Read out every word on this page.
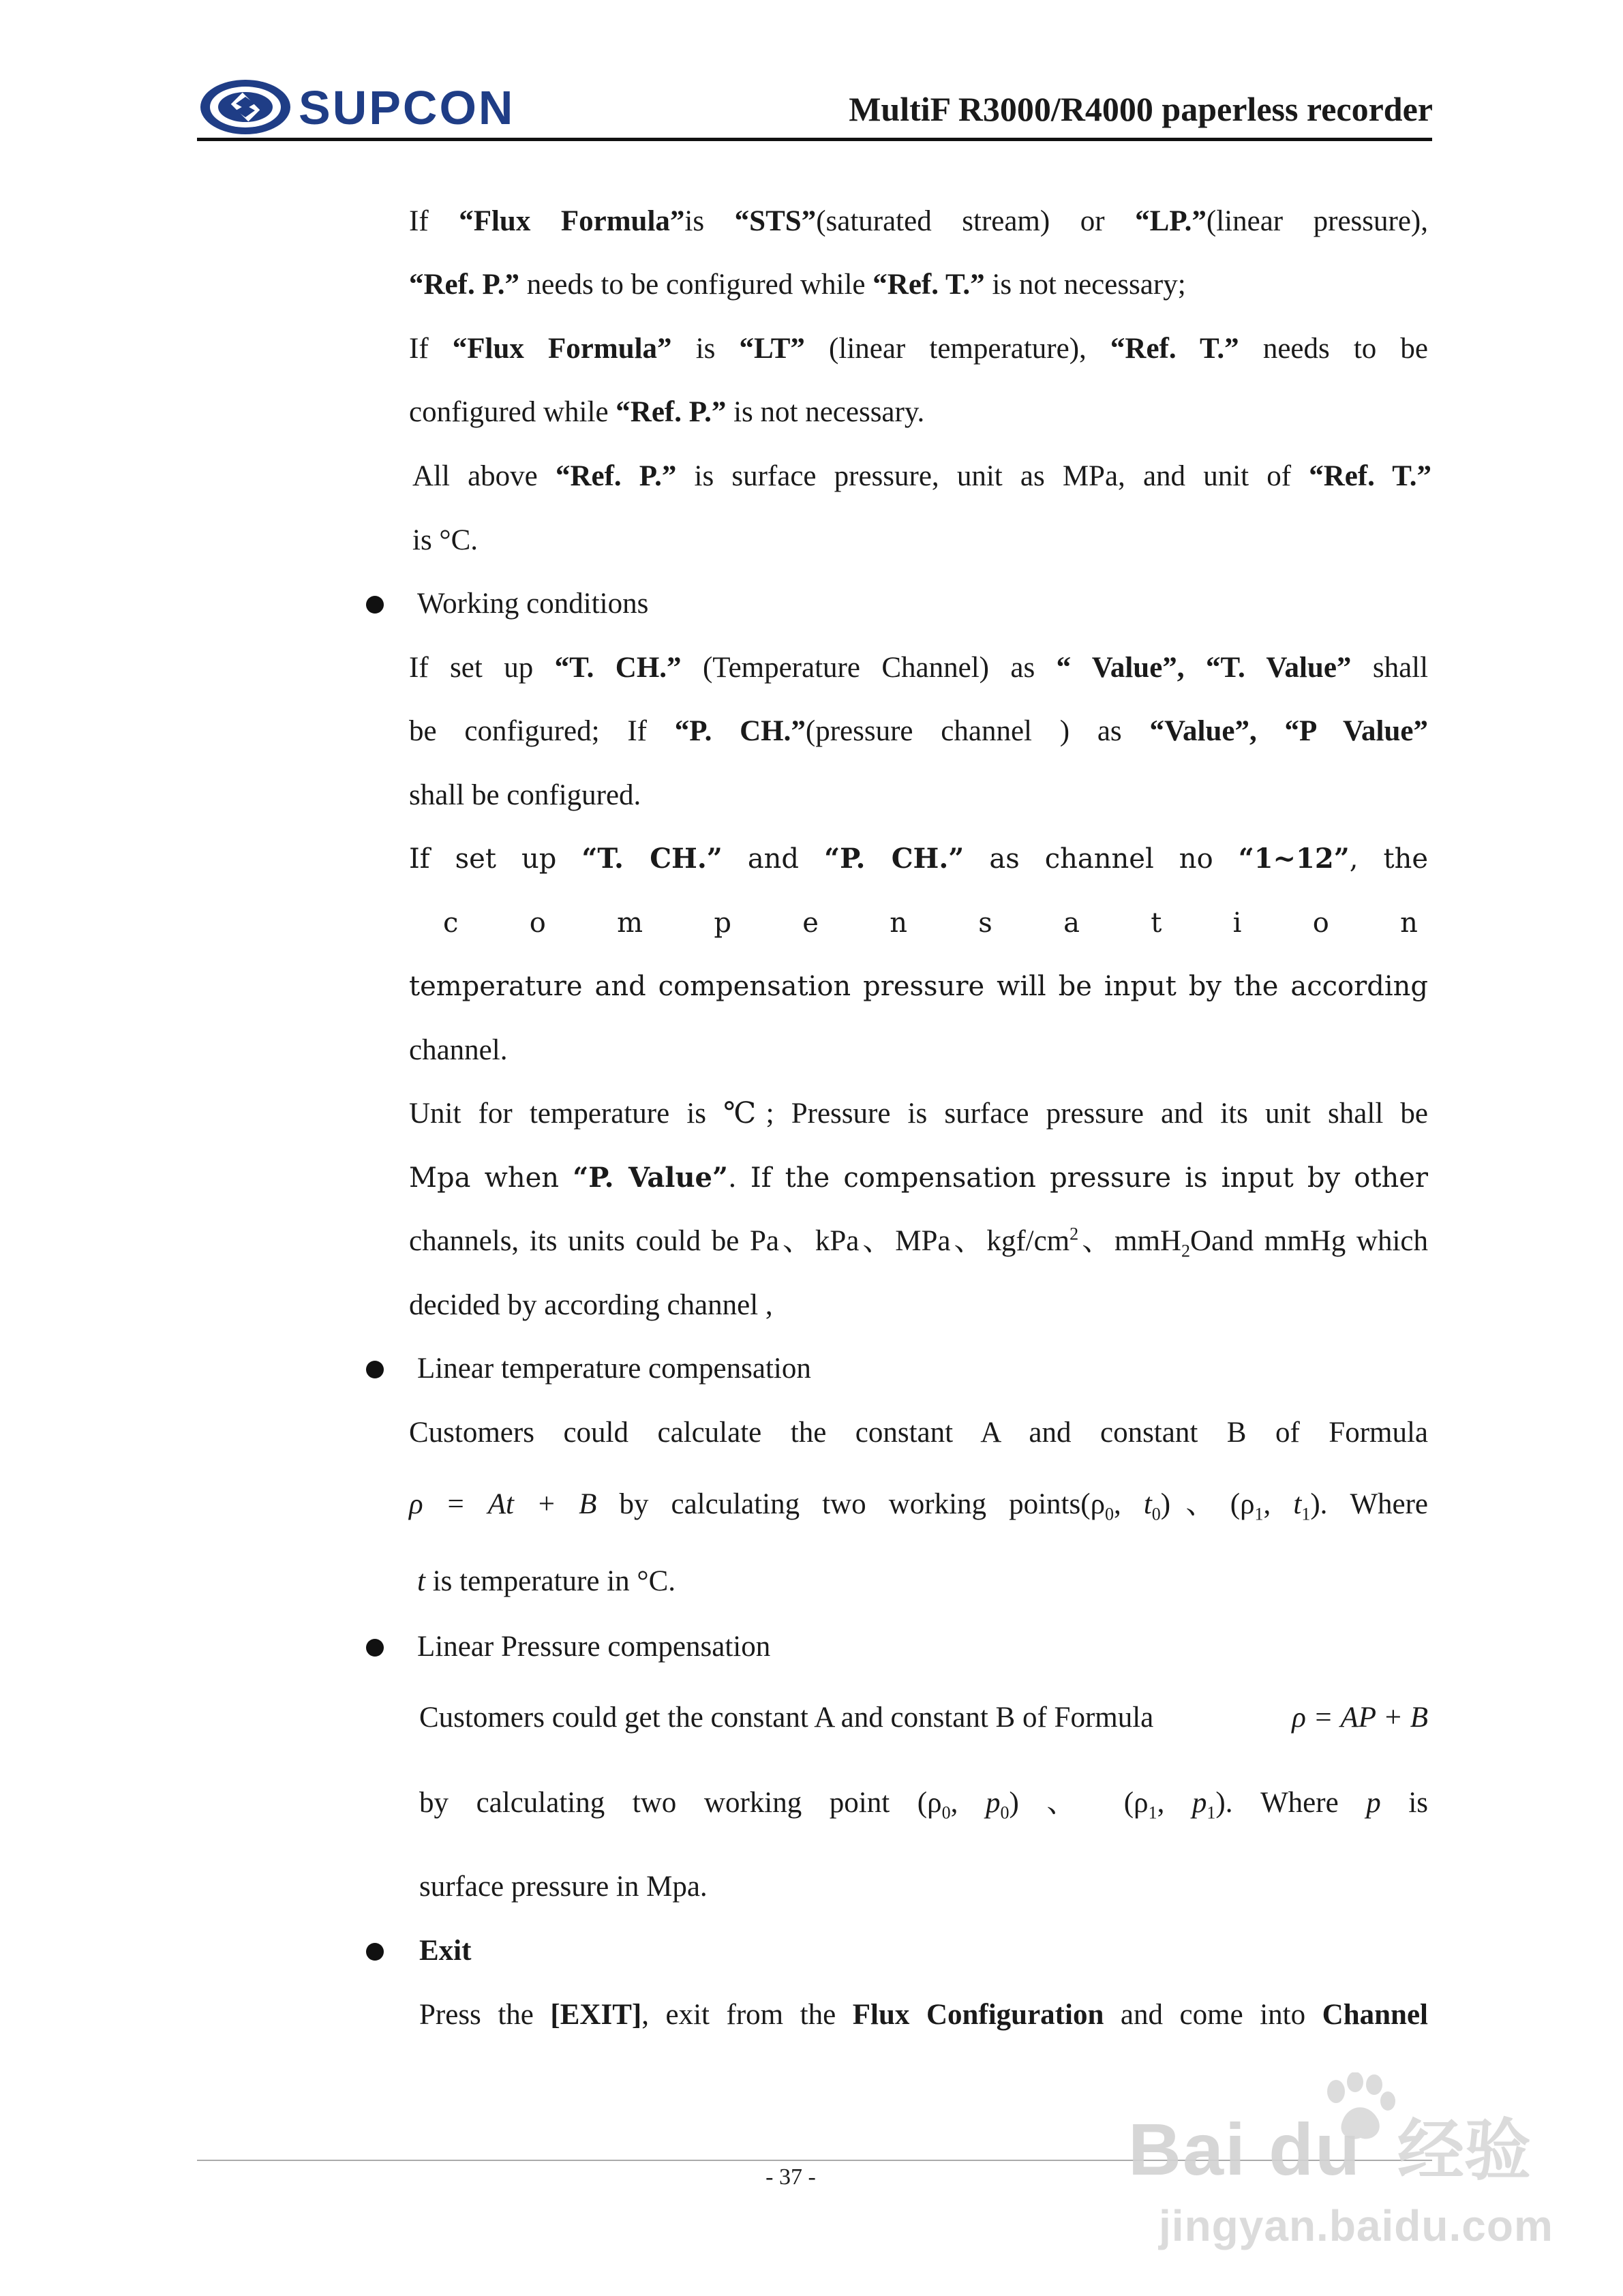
SUPCON	MultiF R3000/R4000 paperless recorder
If “Flux Formula”is “STS”(saturated stream) or “LP.”(linear pressure),
“Ref. P.” needs to be configured while “Ref. T.” is not necessary;
If “Flux Formula” is “LT” (linear temperature), “Ref. T.” needs to be
configured while “Ref. P.” is not necessary.
All above “Ref. P.” is surface pressure, unit as MPa, and unit of “Ref. T.”
is °C.
Working conditions
If set up “T. CH.” (Temperature Channel) as “ Value”, “T. Value” shall
be configured; If “P. CH.”(pressure channel ) as “Value”, “P Value”
shall be configured.
If set up “T. CH.” and “P. CH.” as channel no “1~12”, the
c	o	m	p	e	n	s	a	t	i	o	n
temperature and compensation pressure will be input by the according
channel.
Unit for temperature is ℃; Pressure is surface pressure and its unit shall be
Mpa when “P. Value”. If the compensation pressure is input by other
channels, its units could be Pa、kPa、MPa、kgf/$cm^2$、mmH$_2$Oand mmHg which
decided by according channel ,
Linear temperature compensation
Customers could calculate the constant A and constant B of Formula
ρ = At + B by calculating two working $points(\rho_0$, $t_0$)、($\rho_1$, $t_1$). Where
t is temperature in °C.
Linear Pressure compensation
Customers could get the constant A and constant B of Formula	ρ = AP + B
by calculating two working point ($\rho_0$, $p_0$) 、 ($\rho_1$, $p_1$). Where p is
surface pressure in Mpa.
Exit
Press the [EXIT], exit from the Flux Configuration and come into Channel
- 37 -	Bai du 经验
jingyan.baidu.com
